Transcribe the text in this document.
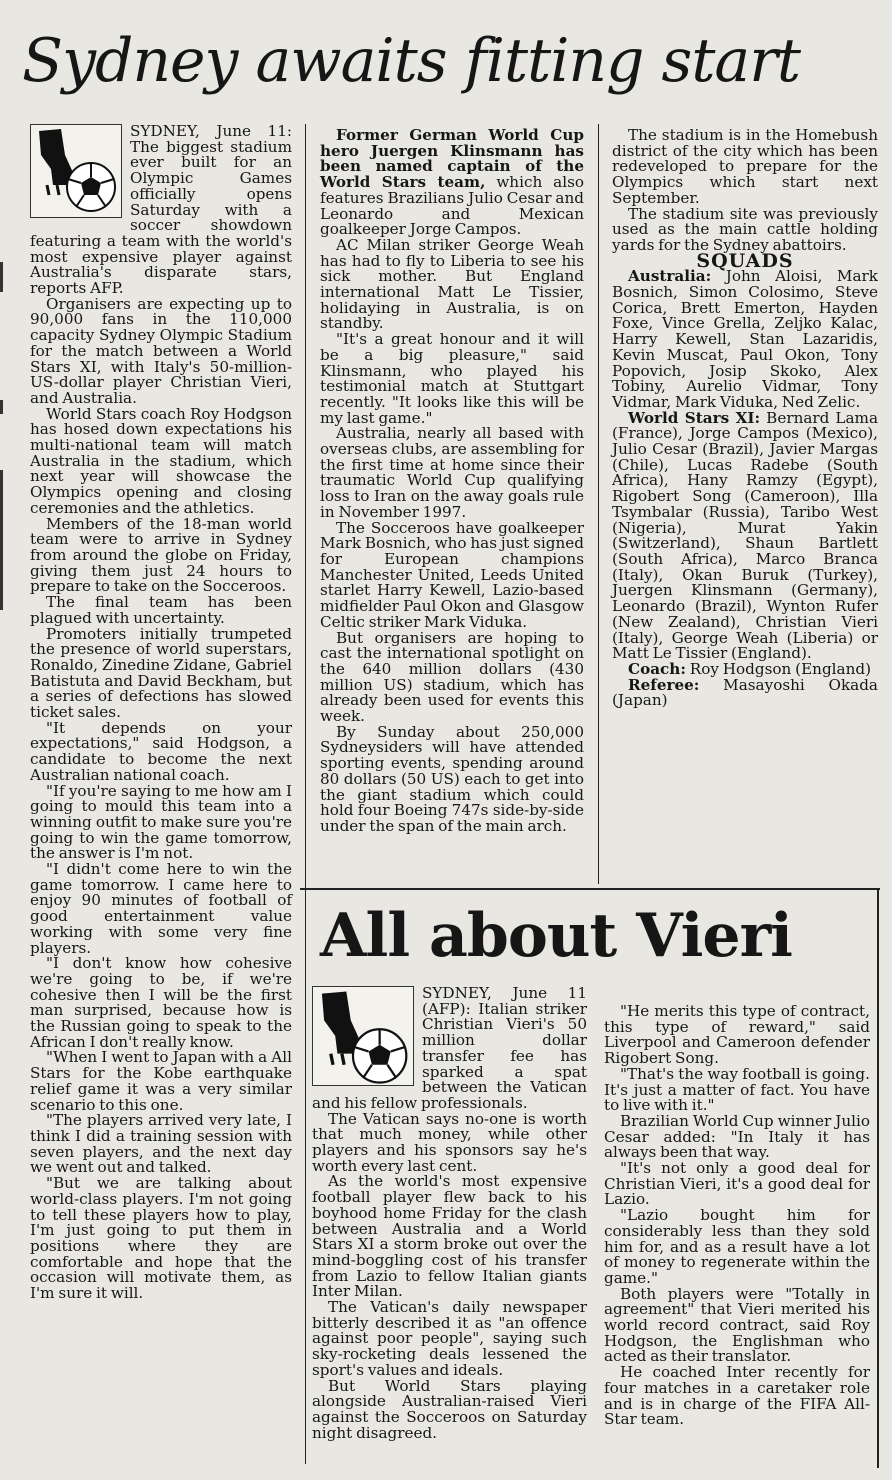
Sydney awaits fitting start

SYDNEY, June 11: The biggest stadium ever built for an Olympic Games officially opens Saturday with a soccer showdown featuring a team with the world's most expensive player against Australia's disparate stars, reports AFP.

Organisers are expecting up to 90,000 fans in the 110,000 capacity Sydney Olympic Stadium for the match between a World Stars XI, with Italy's 50-million-US-dollar player Christian Vieri, and Australia.

World Stars coach Roy Hodgson has hosed down expectations his multi-national team will match Australia in the stadium, which next year will showcase the Olympics opening and closing ceremonies and the athletics.

Members of the 18-man world team were to arrive in Sydney from around the globe on Friday, giving them just 24 hours to prepare to take on the Socceroos.

The final team has been plagued with uncertainty.

Promoters initially trumpeted the presence of world superstars, Ronaldo, Zinedine Zidane, Gabriel Batistuta and David Beckham, but a series of defections has slowed ticket sales.

"It depends on your expectations," said Hodgson, a candidate to become the next Australian national coach.

"If you're saying to me how am I going to mould this team into a winning outfit to make sure you're going to win the game tomorrow, the answer is I'm not.

"I didn't come here to win the game tomorrow. I came here to enjoy 90 minutes of football of good entertainment value working with some very fine players.

"I don't know how cohesive we're going to be, if we're cohesive then I will be the first man surprised, because how is the Russian going to speak to the African I don't really know.

"When I went to Japan with a All Stars for the Kobe earthquake relief game it was a very similar scenario to this one.

"The players arrived very late, I think I did a training session with seven players, and the next day we went out and talked.

"But we are talking about world-class players. I'm not going to tell these players how to play, I'm just going to put them in positions where they are comfortable and hope that the occasion will motivate them, as I'm sure it will.

Former German World Cup hero Juergen Klinsmann has been named captain of the World Stars team, which also features Brazilians Julio Cesar and Leonardo and Mexican goalkeeper Jorge Campos.

AC Milan striker George Weah has had to fly to Liberia to see his sick mother. But England international Matt Le Tissier, holidaying in Australia, is on standby.

"It's a great honour and it will be a big pleasure," said Klinsmann, who played his testimonial match at Stuttgart recently. "It looks like this will be my last game."

Australia, nearly all based with overseas clubs, are assembling for the first time at home since their traumatic World Cup qualifying loss to Iran on the away goals rule in November 1997.

The Socceroos have goalkeeper Mark Bosnich, who has just signed for European champions Manchester United, Leeds United starlet Harry Kewell, Lazio-based midfielder Paul Okon and Glasgow Celtic striker Mark Viduka.

But organisers are hoping to cast the international spotlight on the 640 million dollars (430 million US) stadium, which has already been used for events this week.

By Sunday about 250,000 Sydneysiders will have attended sporting events, spending around 80 dollars (50 US) each to get into the giant stadium which could hold four Boeing 747s side-by-side under the span of the main arch.

The stadium is in the Homebush district of the city which has been redeveloped to prepare for the Olympics which start next September.

The stadium site was previously used as the main cattle holding yards for the Sydney abattoirs.

SQUADS

Australia: John Aloisi, Mark Bosnich, Simon Colosimo, Steve Corica, Brett Emerton, Hayden Foxe, Vince Grella, Zeljko Kalac, Harry Kewell, Stan Lazaridis, Kevin Muscat, Paul Okon, Tony Popovich, Josip Skoko, Alex Tobiny, Aurelio Vidmar, Tony Vidmar, Mark Viduka, Ned Zelic.

World Stars XI: Bernard Lama (France), Jorge Campos (Mexico), Julio Cesar (Brazil), Javier Margas (Chile), Lucas Radebe (South Africa), Hany Ramzy (Egypt), Rigobert Song (Cameroon), Illa Tsymbalar (Russia), Taribo West (Nigeria), Murat Yakin (Switzerland), Shaun Bartlett (South Africa), Marco Branca (Italy), Okan Buruk (Turkey), Juergen Klinsmann (Germany), Leonardo (Brazil), Wynton Rufer (New Zealand), Christian Vieri (Italy), George Weah (Liberia) or Matt Le Tissier (England).

Coach: Roy Hodgson (England)

Referee: Masayoshi Okada (Japan)

All about Vieri

SYDNEY, June 11 (AFP): Italian striker Christian Vieri's 50 million dollar transfer fee has sparked a spat between the Vatican and his fellow professionals.

The Vatican says no-one is worth that much money, while other players and his sponsors say he's worth every last cent.

As the world's most expensive football player flew back to his boyhood home Friday for the clash between Australia and a World Stars XI a storm broke out over the mind-boggling cost of his transfer from Lazio to fellow Italian giants Inter Milan.

The Vatican's daily newspaper bitterly described it as "an offence against poor people", saying such sky-rocketing deals lessened the sport's values and ideals.

But World Stars playing alongside Australian-raised Vieri against the Socceroos on Saturday night disagreed.

"He merits this type of contract, this type of reward," said Liverpool and Cameroon defender Rigobert Song.

"That's the way football is going. It's just a matter of fact. You have to live with it."

Brazilian World Cup winner Julio Cesar added: "In Italy it has always been that way.

"It's not only a good deal for Christian Vieri, it's a good deal for Lazio.

"Lazio bought him for considerably less than they sold him for, and as a result have a lot of money to regenerate within the game."

Both players were "Totally in agreement" that Vieri merited his world record contract, said Roy Hodgson, the Englishman who acted as their translator.

He coached Inter recently for four matches in a caretaker role and is in charge of the FIFA All-Star team.
